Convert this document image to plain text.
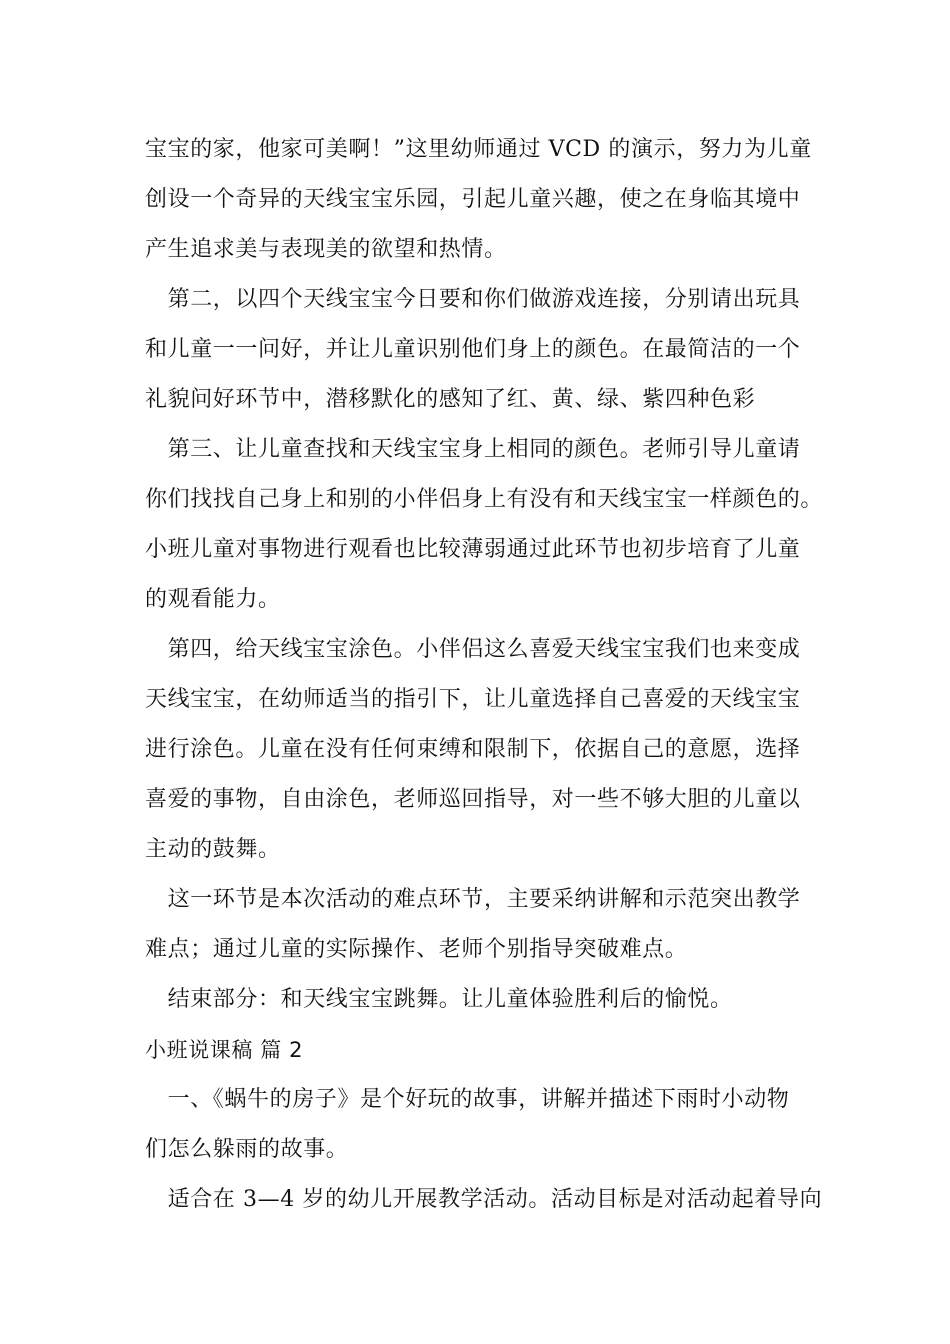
宝宝的家，他家可美啊！”这里幼师通过 VCD 的演示，努力为儿童
创设一个奇异的天线宝宝乐园，引起儿童兴趣，使之在身临其境中
产生追求美与表现美的欲望和热情。
　第二，以四个天线宝宝今日要和你们做游戏连接，分别请出玩具
和儿童一一问好，并让儿童识别他们身上的颜色。在最简洁的一个
礼貌问好环节中，潜移默化的感知了红、黄、绿、紫四种色彩
　第三、让儿童查找和天线宝宝身上相同的颜色。老师引导儿童请
你们找找自己身上和别的小伴侣身上有没有和天线宝宝一样颜色的。
小班儿童对事物进行观看也比较薄弱通过此环节也初步培育了儿童
的观看能力。
　第四，给天线宝宝涂色。小伴侣这么喜爱天线宝宝我们也来变成
天线宝宝，在幼师适当的指引下，让儿童选择自己喜爱的天线宝宝
进行涂色。儿童在没有任何束缚和限制下，依据自己的意愿，选择
喜爱的事物，自由涂色，老师巡回指导，对一些不够大胆的儿童以
主动的鼓舞。
　这一环节是本次活动的难点环节，主要采纳讲解和示范突出教学
难点；通过儿童的实际操作、老师个别指导突破难点。
　结束部分：和天线宝宝跳舞。让儿童体验胜利后的愉悦。
小班说课稿 篇 2
　一、《蜗牛的房子》是个好玩的故事，讲解并描述下雨时小动物
们怎么躲雨的故事。
　适合在 3—4 岁的幼儿开展教学活动。活动目标是对活动起着导向
